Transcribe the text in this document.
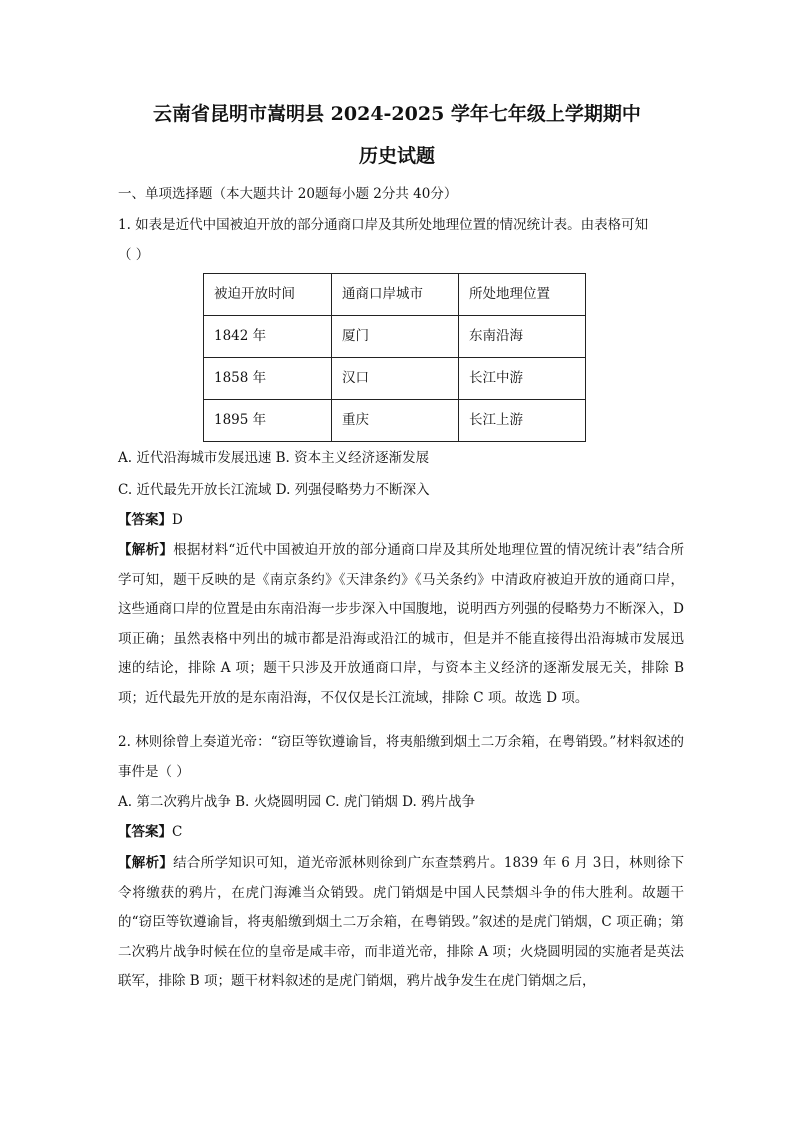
云南省昆明市嵩明县 2024-2025 学年七年级上学期期中
历史试题
一、单项选择题（本大题共计 20题每小题 2分共 40分）
1. 如表是近代中国被迫开放的部分通商口岸及其所处地理位置的情况统计表。由表格可知
（ ）
被迫开放时间	通商口岸城市	所处地理位置
1842 年	厦门	东南沿海
1858 年	汉口	长江中游
1895 年	重庆	长江上游
A. 近代沿海城市发展迅速 B. 资本主义经济逐渐发展
C. 近代最先开放长江流域 D. 列强侵略势力不断深入
【答案】D
【解析】根据材料“近代中国被迫开放的部分通商口岸及其所处地理位置的情况统计表”结合所学可知，题干反映的是《南京条约》《天津条约》《马关条约》中清政府被迫开放的通商口岸，这些通商口岸的位置是由东南沿海一步步深入中国腹地，说明西方列强的侵略势力不断深入，D 项正确；虽然表格中列出的城市都是沿海或沿江的城市，但是并不能直接得出沿海城市发展迅速的结论，排除 A 项；题干只涉及开放通商口岸，与资本主义经济的逐渐发展无关，排除 B 项；近代最先开放的是东南沿海，不仅仅是长江流域，排除 C 项。故选 D 项。
2. 林则徐曾上奏道光帝：“窃臣等钦遵谕旨，将夷船缴到烟土二万余箱，在粤销毁。”材料叙述的事件是（ ）
A. 第二次鸦片战争 B. 火烧圆明园 C. 虎门销烟 D. 鸦片战争
【答案】C
【解析】结合所学知识可知，道光帝派林则徐到广东查禁鸦片。1839 年 6 月 3日，林则徐下令将缴获的鸦片，在虎门海滩当众销毁。虎门销烟是中国人民禁烟斗争的伟大胜利。故题干的“窃臣等钦遵谕旨，将夷船缴到烟土二万余箱，在粤销毁。”叙述的是虎门销烟，C 项正确；第二次鸦片战争时候在位的皇帝是咸丰帝，而非道光帝，排除 A 项；火烧圆明园的实施者是英法联军，排除 B 项；题干材料叙述的是虎门销烟，鸦片战争发生在虎门销烟之后，
